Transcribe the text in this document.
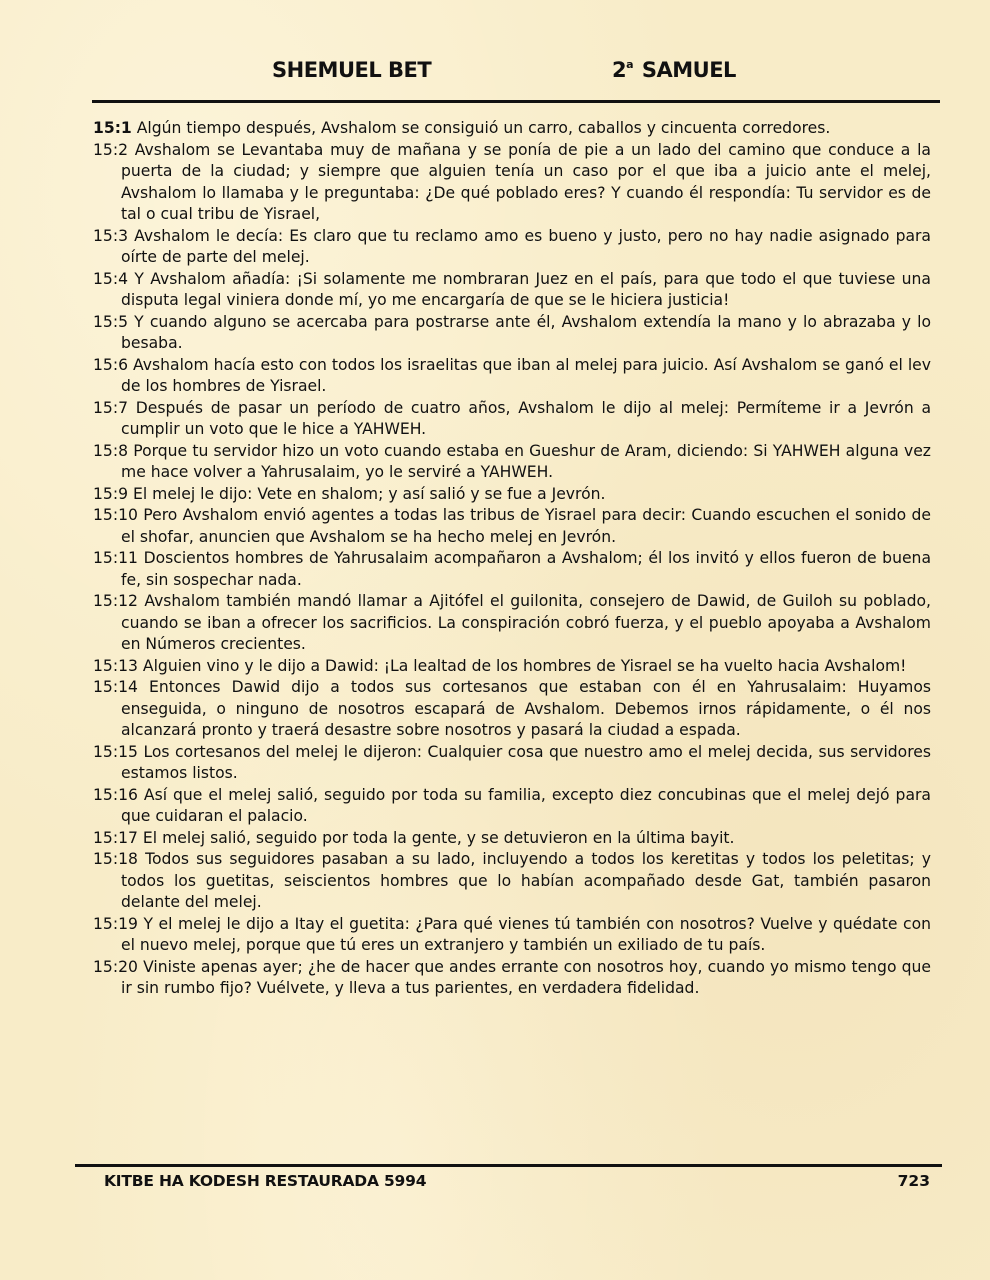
SHEMUEL BET	2$^a$ SAMUEL

15:1 Algún tiempo después, Avshalom se consiguió un carro, caballos y cincuenta corredores.

15:2 Avshalom se Levantaba muy de mañana y se ponía de pie a un lado del camino que conduce a la puerta de la ciudad; y siempre que alguien tenía un caso por el que iba a juicio ante el melej, Avshalom lo llamaba y le preguntaba: ¿De qué poblado eres? Y cuando él respondía: Tu servidor es de tal o cual tribu de Yisrael,

15:3 Avshalom le decía: Es claro que tu reclamo amo es bueno y justo, pero no hay nadie asignado para oírte de parte del melej.

15:4 Y Avshalom añadía: ¡Si solamente me nombraran Juez en el país, para que todo el que tuviese una disputa legal viniera donde mí, yo me encargaría de que se le hiciera justicia!

15:5 Y cuando alguno se acercaba para postrarse ante él, Avshalom extendía la mano y lo abrazaba y lo besaba.

15:6 Avshalom hacía esto con todos los israelitas que iban al melej para juicio. Así Avshalom se ganó el lev de los hombres de Yisrael.

15:7 Después de pasar un período de cuatro años, Avshalom le dijo al melej: Permíteme ir a Jevrón a cumplir un voto que le hice a YAHWEH.

15:8 Porque tu servidor hizo un voto cuando estaba en Gueshur de Aram, diciendo: Si YAHWEH alguna vez me hace volver a Yahrusalaim, yo le serviré a YAHWEH.

15:9 El melej le dijo: Vete en shalom; y así salió y se fue a Jevrón.

15:10 Pero Avshalom envió agentes a todas las tribus de Yisrael para decir: Cuando escuchen el sonido de el shofar, anuncien que Avshalom se ha hecho melej en Jevrón.

15:11 Doscientos hombres de Yahrusalaim acompañaron a Avshalom; él los invitó y ellos fueron de buena fe, sin sospechar nada.

15:12 Avshalom también mandó llamar a Ajitófel el guilonita, consejero de Dawid, de Guiloh su poblado, cuando se iban a ofrecer los sacrificios. La conspiración cobró fuerza, y el pueblo apoyaba a Avshalom en Números crecientes.

15:13 Alguien vino y le dijo a Dawid: ¡La lealtad de los hombres de Yisrael se ha vuelto hacia Avshalom!

15:14 Entonces Dawid dijo a todos sus cortesanos que estaban con él en Yahrusalaim: Huyamos enseguida, o ninguno de nosotros escapará de Avshalom. Debemos irnos rápidamente, o él nos alcanzará pronto y traerá desastre sobre nosotros y pasará la ciudad a espada.

15:15 Los cortesanos del melej le dijeron: Cualquier cosa que nuestro amo el melej decida, sus servidores estamos listos.

15:16 Así que el melej salió, seguido por toda su familia, excepto diez concubinas que el melej dejó para que cuidaran el palacio.

15:17 El melej salió, seguido por toda la gente, y se detuvieron en la última bayit.

15:18 Todos sus seguidores pasaban a su lado, incluyendo a todos los keretitas y todos los peletitas; y todos los guetitas, seiscientos hombres que lo habían acompañado desde Gat, también pasaron delante del melej.

15:19 Y el melej le dijo a Itay el guetita: ¿Para qué vienes tú también con nosotros? Vuelve y quédate con el nuevo melej, porque que tú eres un extranjero y también un exiliado de tu país.

15:20 Viniste apenas ayer; ¿he de hacer que andes errante con nosotros hoy, cuando yo mismo tengo que ir sin rumbo fijo? Vuélvete, y lleva a tus parientes, en verdadera fidelidad.

KITBE HA KODESH RESTAURADA 5994	723
